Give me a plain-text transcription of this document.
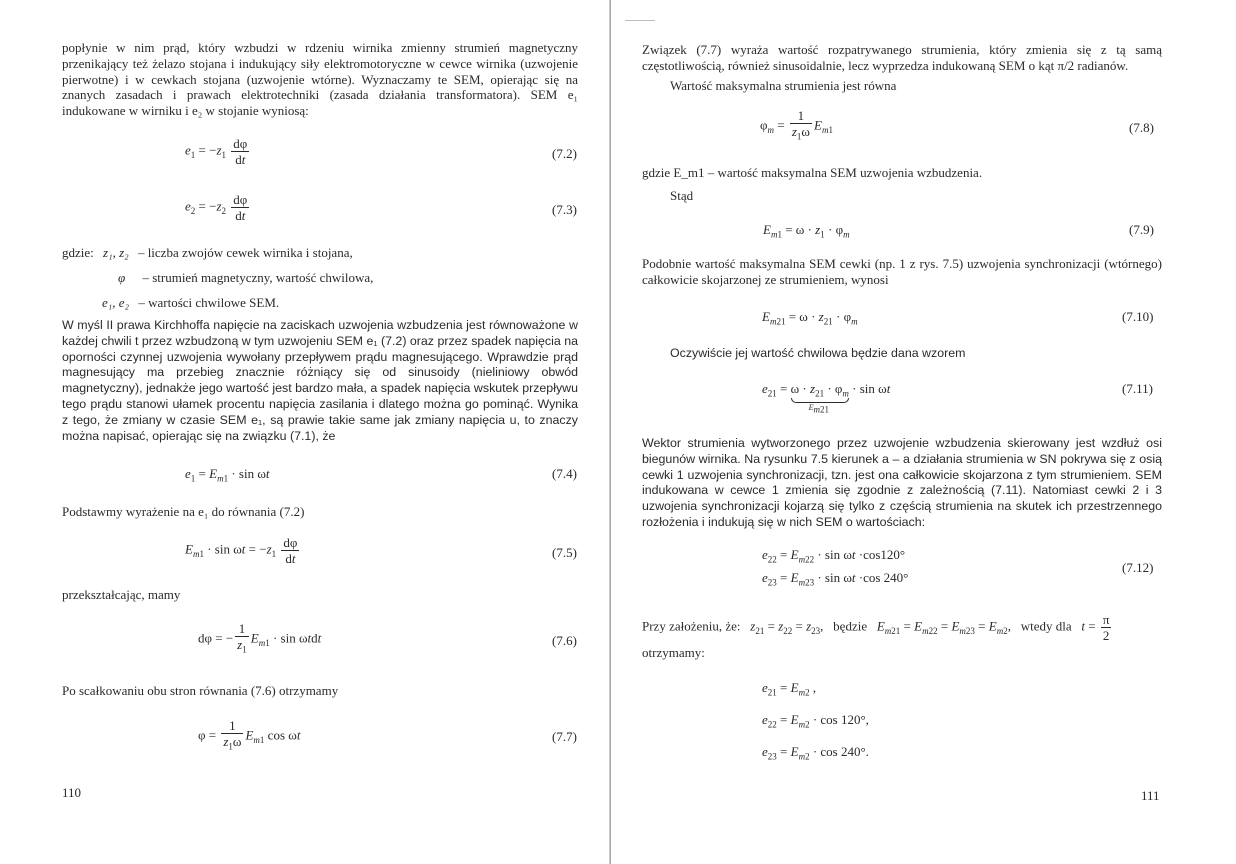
popłynie w nim prąd, który wzbudzi w rdzeniu wirnika zmienny strumień magnetyczny przenikający też żelazo stojana i indukujący siły elektromotoryczne w cewce wirnika (uzwojenie pierwotne) i w cewkach stojana (uzwojenie wtórne). Wyznaczamy te SEM, opierając się na znanych zasadach i prawach elektrotechniki (zasada działania transformatora). SEM e₁ indukowane w wirniku i e₂ w stojanie wyniosą:

$e_1 = -z_1 \frac{d\varphi}{dt}$	(7.2)
$e_2 = -z_2 \frac{d\varphi}{dt}$	(7.3)
gdzie: z₁, z₂ – liczba zwojów cewek wirnika i stojana,
φ – strumień magnetyczny, wartość chwilowa,
e₁, e₂ – wartości chwilowe SEM.

W myśl II prawa Kirchhoffa napięcie na zaciskach uzwojenia wzbudzenia jest równoważone w każdej chwili t przez wzbudzoną w tym uzwojeniu SEM e₁ (7.2) oraz przez spadek napięcia na oporności czynnej uzwojenia wywołany przepływem prądu magnesującego. Wprawdzie prąd magnesujący ma przebieg znacznie różniący się od sinusoidy (nieliniowy obwód magnetyczny), jednakże jego wartość jest bardzo mała, a spadek napięcia wskutek przepływu tego prądu stanowi ułamek procentu napięcia zasilania i dlatego można go pominąć. Wynika z tego, że zmiany w czasie SEM e₁, są prawie takie same jak zmiany napięcia u, to znaczy można napisać, opierając się na związku (7.1), że

$e_1 = E_{m1} \cdot \sin \omega t$	(7.4)

Podstawmy wyrażenie na e₁ do równania (7.2)

$E_{m1} \cdot \sin \omega t = -z_1 \frac{d\varphi}{dt}$	(7.5)

przekształcając, mamy

dφ = − $\frac{1}{z_1} E_{m1} \cdot \sin \omega tdt$	(7.6)

Po scałkowaniu obu stron równania (7.6) otrzymamy

$\varphi = \frac{1}{z_1\omega} E_{m1}$ cos ωt	(7.7)
110

Związek (7.7) wyraża wartość rozpatrywanego strumienia, który zmienia się z tą samą częstotliwością, również sinusoidalnie, lecz wyprzedza indukowaną SEM o kąt π/2 radianów.

Wartość maksymalna strumienia jest równa

$\varphi_m = \frac{1}{z_1\omega} E_{m1}$	(7.8)

gdzie E_m1 – wartość maksymalna SEM uzwojenia wzbudzenia.

Stąd

$E_{m1} = \omega \cdot z_1 \cdot \varphi_m$	(7.9)

Podobnie wartość maksymalna SEM cewki (np. 1 z rys. 7.5) uzwojenia synchronizacji (wtórnego) całkowicie skojarzonej ze strumieniem, wynosi

$E_{m21} = \omega \cdot z_{21} \cdot \varphi_m$	(7.10)

Oczywiście jej wartość chwilowa będzie dana wzorem

$e_{21} = \omega \cdot z_{21} \cdot \varphi_m$
$E_{m21}$
· sin ωt	(7.11)

Wektor strumienia wytworzonego przez uzwojenie wzbudzenia skierowany jest wzdłuż osi biegunów wirnika. Na rysunku 7.5 kierunek a – a działania strumienia w SN pokrywa się z osią cewki 1 uzwojenia synchronizacji, tzn. jest ona całkowicie skojarzona z tym strumieniem. SEM indukowana w cewce 1 zmienia się zgodnie z zależnością (7.11). Natomiast cewki 2 i 3 uzwojenia synchronizacji kojarzą się tylko z częścią strumienia na skutek ich przestrzennego rozłożenia i indukują się w nich SEM o wartościach:

$e_{22} = E_{m22} \cdot \sin \omega t \cdot\cos 120^\circ$
$e_{23} = E_{m23} \cdot \sin \omega t \cdot\cos$ 240°
(7.12)
Przy założeniu, że: $z_{21} = z_{22} = z_{23}$,   będzie $E_{m21} = E_{m22} = E_{m23} = E_{m2}$,   wtedy dla $t = \frac{\pi}{2}$

otrzymamy:

$e_{21} = E_{m2}$ ,
$e_{22} = E_{m2} \cdot \cos 120^\circ$,
$e_{23} = E_{m2} \cdot \cos 240^\circ$.
111
